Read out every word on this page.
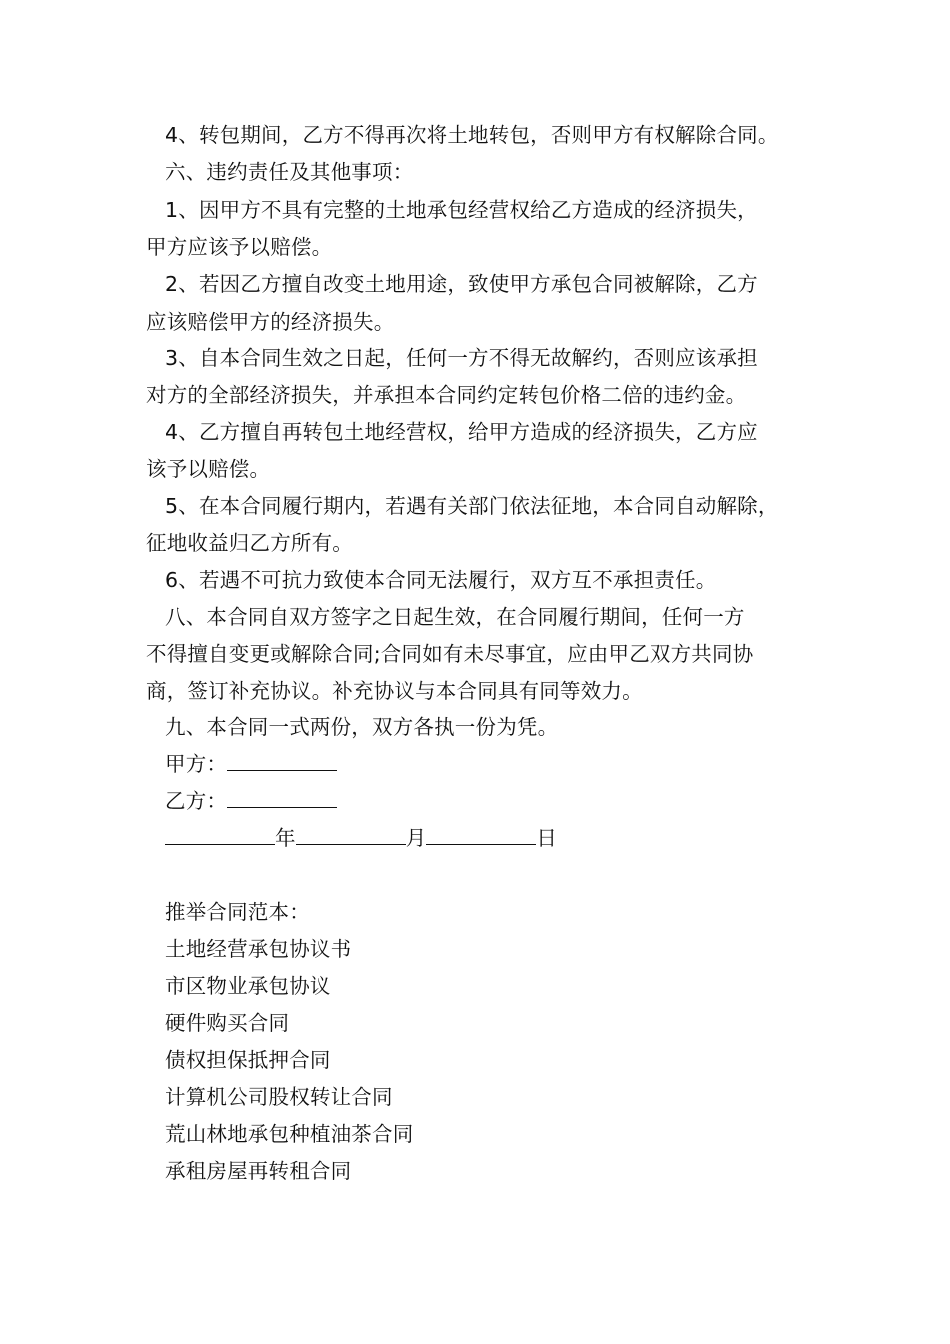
4、转包期间，乙方不得再次将土地转包，否则甲方有权解除合同。
六、违约责任及其他事项：
1、因甲方不具有完整的土地承包经营权给乙方造成的经济损失，
甲方应该予以赔偿。
2、若因乙方擅自改变土地用途，致使甲方承包合同被解除，乙方
应该赔偿甲方的经济损失。
3、自本合同生效之日起，任何一方不得无故解约，否则应该承担
对方的全部经济损失，并承担本合同约定转包价格二倍的违约金。
4、乙方擅自再转包土地经营权，给甲方造成的经济损失，乙方应
该予以赔偿。
5、在本合同履行期内，若遇有关部门依法征地，本合同自动解除，
征地收益归乙方所有。
6、若遇不可抗力致使本合同无法履行，双方互不承担责任。
八、本合同自双方签字之日起生效，在合同履行期间，任何一方
不得擅自变更或解除合同;合同如有未尽事宜，应由甲乙双方共同协
商，签订补充协议。补充协议与本合同具有同等效力。
九、本合同一式两份，双方各执一份为凭。
甲方：
乙方：
年	月	日
推举合同范本：
土地经营承包协议书
市区物业承包协议
硬件购买合同
债权担保抵押合同
计算机公司股权转让合同
荒山林地承包种植油茶合同
承租房屋再转租合同
